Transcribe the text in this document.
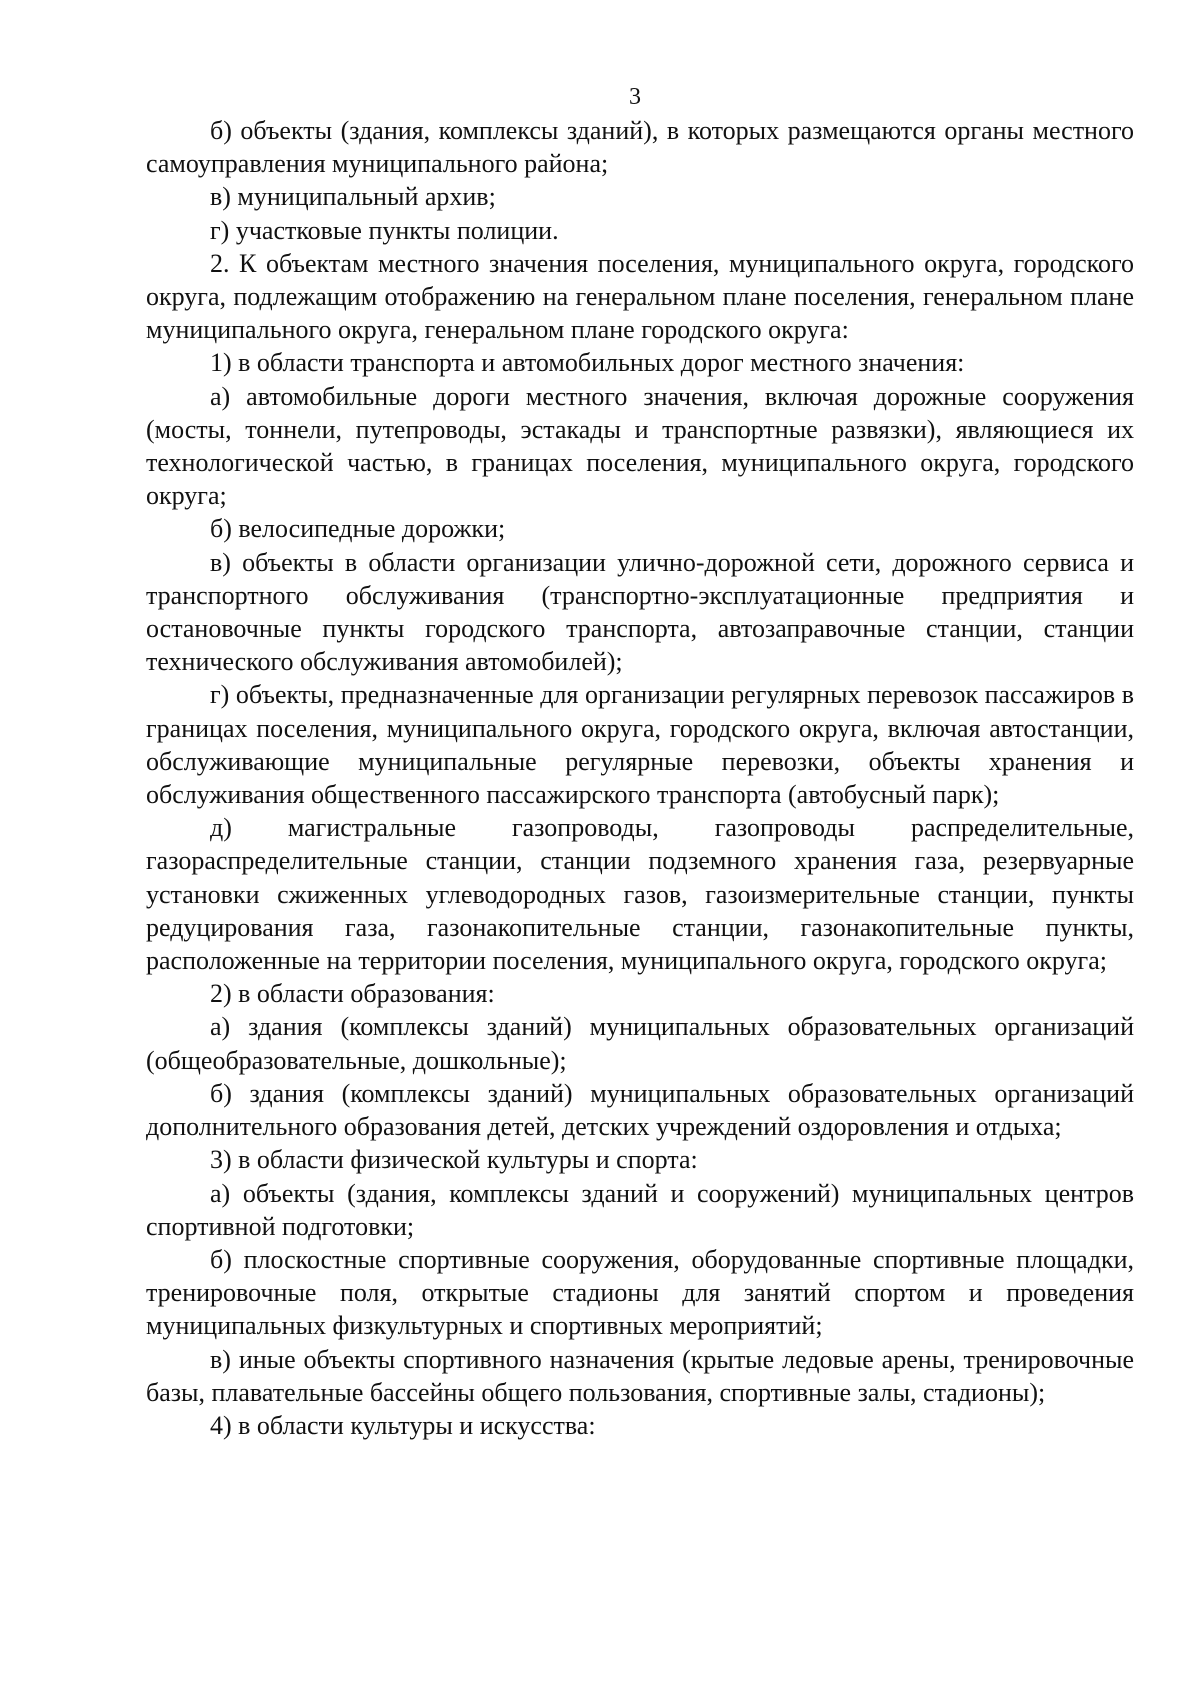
3

б) объекты (здания, комплексы зданий), в которых размещаются органы местного самоуправления муниципального района;

в) муниципальный архив;

г) участковые пункты полиции.

2. К объектам местного значения поселения, муниципального округа, городского округа, подлежащим отображению на генеральном плане поселения, генеральном плане муниципального округа, генеральном плане городского округа:

1) в области транспорта и автомобильных дорог местного значения:

а) автомобильные дороги местного значения, включая дорожные сооружения (мосты, тоннели, путепроводы, эстакады и транспортные развязки), являющиеся их технологической частью, в границах поселения, муниципального округа, городского округа;

б) велосипедные дорожки;

в) объекты в области организации улично-дорожной сети, дорожного сервиса и транспортного обслуживания (транспортно-эксплуатационные предприятия и остановочные пункты городского транспорта, автозаправочные станции, станции технического обслуживания автомобилей);

г) объекты, предназначенные для организации регулярных перевозок пассажиров в границах поселения, муниципального округа, городского округа, включая автостанции, обслуживающие муниципальные регулярные перевозки, объекты хранения и обслуживания общественного пассажирского транспорта (автобусный парк);

д) магистральные газопроводы, газопроводы распределительные, газораспределительные станции, станции подземного хранения газа, резервуарные установки сжиженных углеводородных газов, газоизмерительные станции, пункты редуцирования газа, газонакопительные станции, газонакопительные пункты, расположенные на территории поселения, муниципального округа, городского округа;

2) в области образования:

а) здания (комплексы зданий) муниципальных образовательных организаций (общеобразовательные, дошкольные);

б) здания (комплексы зданий) муниципальных образовательных организаций дополнительного образования детей, детских учреждений оздоровления и отдыха;

3) в области физической культуры и спорта:

а) объекты (здания, комплексы зданий и сооружений) муниципальных центров спортивной подготовки;

б) плоскостные спортивные сооружения, оборудованные спортивные площадки, тренировочные поля, открытые стадионы для занятий спортом и проведения муниципальных физкультурных и спортивных мероприятий;

в) иные объекты спортивного назначения (крытые ледовые арены, тренировочные базы, плавательные бассейны общего пользования, спортивные залы, стадионы);

4) в области культуры и искусства:
